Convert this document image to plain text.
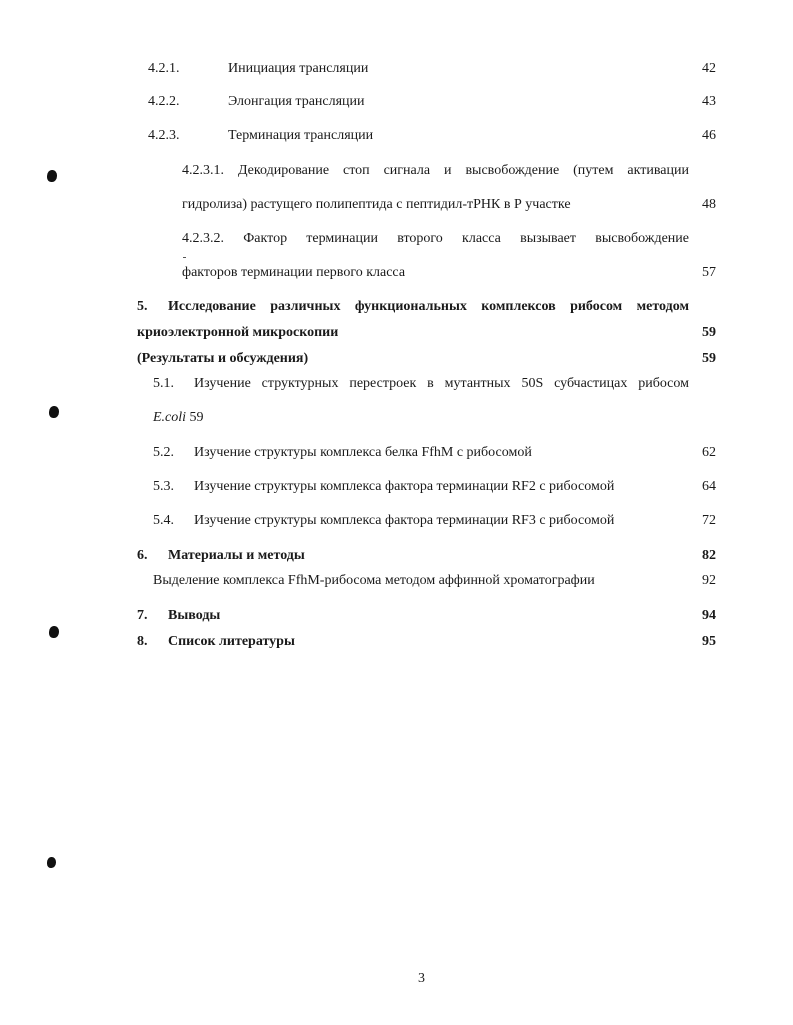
4.2.1.	Инициация трансляции	42
4.2.2.	Элонгация трансляции	43
4.2.3.	Терминация трансляции	46
4.2.3.1. Декодирование стоп сигнала и высвобождение (путем активации
гидролиза) растущего полипептида с пептидил-тРНК в Р участке	48
4.2.3.2. Фактор терминации второго класса вызывает высвобождение
факторов терминации первого класса	57
5. Исследование различных функциональных комплексов рибосом методом
криоэлектронной микроскопии	59
(Результаты и обсуждения)	59
5.1. Изучение структурных перестроек в мутантных 50S субчастицах рибосом
E.coli 59
5.2. Изучение структуры комплекса белка FfhM с рибосомой	62
5.3. Изучение структуры комплекса фактора терминации RF2 с рибосомой	64
5.4. Изучение структуры комплекса фактора терминации RF3 с рибосомой	72
6. Материалы и методы	82
Выделение комплекса FfhM-рибосома методом аффинной хроматографии	92
7. Выводы	94
8. Список литературы	95
3
